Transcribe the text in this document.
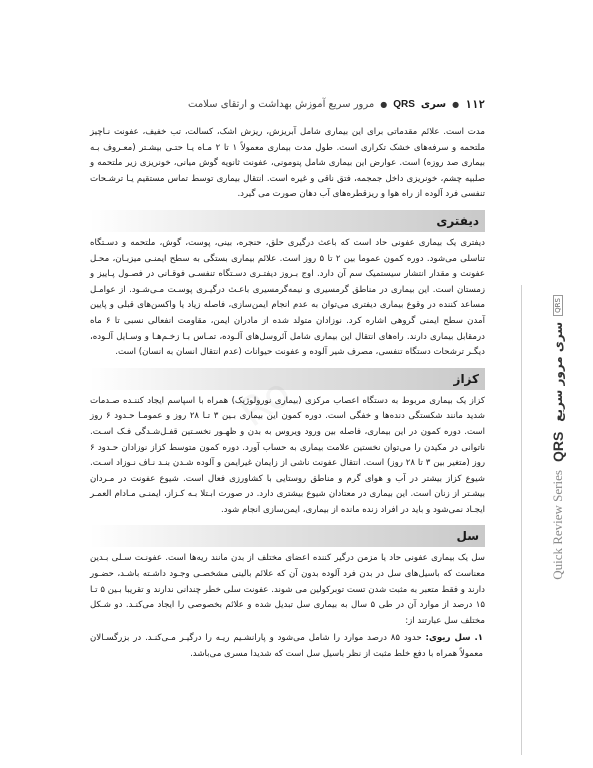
۱۱۲
●
سری
QRS
●
مرور سریع آموزش بهداشت و ارتقای سلامت

مدت است. علائم مقدماتی برای این بیماری شامل آبریزش، ریزش اشک، کسالت، تب خفیف، عفونت نـاچیز ملتحمه و سرفه‌های خشک تکراری است. طول مدت بیماری معمولاً ۱ تا ۲ مـاه یـا حتـی بیشـتر (معـروف بـه بیماری صد روزه) است. عوارض این بیماری شامل پنومونی، عفونت ثانویه گوش میانی، خونریزی زیر ملتحمه و صلبیه چشم، خونریزی داخل جمجمه، فتق ناقی و غیره است. انتقال بیماری توسط تماس مستقیم یـا ترشـحات تنفسی فرد آلوده از راه هوا و ریزقطره‌های آب دهان صورت می گیرد.

دیفتری

دیفتری یک بیماری عفونی حاد است که باعث درگیری حلق، حنجره، بینی، پوست، گوش، ملتحمه و دسـتگاه تناسلی می‌شود. دوره کمون عموما بین ۲ تا ۵ روز است. علائم بیماری بستگی به سطح ایمنـی میزبـان، محـل عفونت و مقدار انتشار سیستمیک سم آن دارد. اوج بـروز دیفتـری دسـتگاه تنفسـی فوقـانی در فصـول پـاییز و زمستان است. این بیماری در مناطق گرمسیری و نیمه‌گرمسیری باعـث درگیـری پوسـت مـی‌شـود. از عوامـل مساعد کننده در وقوع بیماری دیفتری می‌توان به عدم انجام ایمن‌سازی، فاصله زیاد یا واکسن‌های قبلی و پایین آمدن سطح ایمنی گروهی اشاره کرد. نوزادان متولد شده از مادران ایمن، مقاومت انفعالی نسبی تا ۶ ماه درمقابل بیماری دارند. راه‌های انتقال این بیماری شامل آئروسل‌های آلـوده، تمـاس بـا زخـم‌هـا و وسـایل آلـوده، دیگـر ترشحات دستگاه تنفسی، مصرف شیر آلوده و عفونت حیوانات (عدم انتقال انسان به انسان) است.

کزاز

کزاز یک بیماری مربوط به دستگاه اعصاب مرکزی (بیماری نورولوژیک) همراه با اسپاسم ایجاد کننـده صـدمات شدید مانند شکستگی دنده‌ها و خفگی است. دوره کمون این بیماری بـین ۳ تـا ۲۸ روز و عمومـا حـدود ۶ روز است. دوره کمون در این بیماری، فاصله بین ورود ویروس به بدن و ظهـور نخسـتین قفـل‌شـدگی فـک اسـت. ناتوانی در مکیدن را می‌توان نخستین علامت بیماری به حساب آورد. دوره کمون متوسط کزاز نوزادان حـدود ۶ روز (متغیر بین ۳ تا ۲۸ روز) است. انتقال عفونت ناشی از زایمان غیرایمن و آلوده شـدن بنـد نـاف نـوزاد اسـت. شیوع کزاز بیشتر در آب و هوای گرم و مناطق روستایی با کشاورزی فعال است. شیوع عفونت در مـردان بیشـتر از زنان است. این بیماری در معتادان شیوع بیشتری دارد. در صورت ابـتلا بـه کـزاز، ایمنـی مـادام العمـر ایجـاد نمی‌شود و باید در افراد زنده مانده از بیماری، ایمن‌سازی انجام شود.

سل

سل یک بیماری عفونی حاد یا مزمن درگیر کننده اعضای مختلف از بدن مانند ریه‌ها است. عفونـت سـلی بـدین معناست که باسیل‌های سل در بدن فرد آلوده بدون آن که علائم بالینی مشخصـی وجـود داشـته باشـد، حضـور دارند و فقط متعبر به مثبت شدن تست توبرکولین می شوند. عفونت سلی خطر چندانی ندارند و تقریبا بـین ۵ تـا ۱۵ درصد از موارد آن در طی ۵ سال به بیماری سل تبدیل شده و علائم بخصوصی را ایجاد می‌کنـد. دو شـکل مختلف سل عبارتند از:

۱. سل ریوی: حدود ۸۵ درصد موارد را شامل می‌شود و پارانشـیم ریـه را درگیـر مـی‌کنـد. در بزرگسـالان معمولاً همراه با دفع خلط مثبت از نظر باسیل سل است که شدیدا مسری می‌باشد.

Quick Review Series
QRS
سری مرور سریع
QRS
